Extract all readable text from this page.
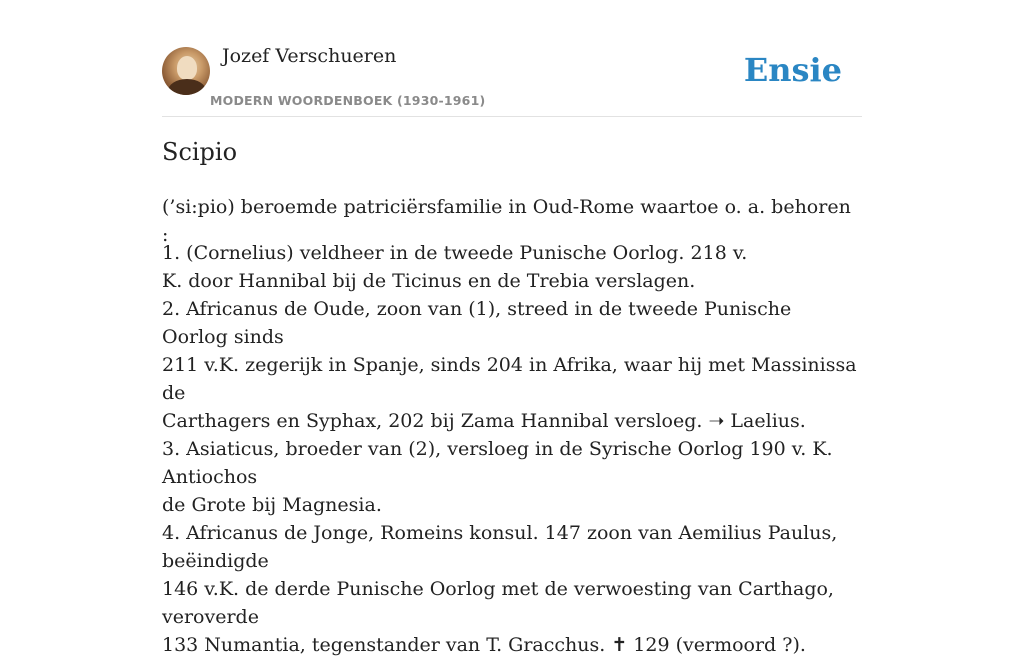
Jozef Verschueren
MODERN WOORDENBOEK (1930-1961)
Ensie
Scipio

(’si:pio) beroemde patriciërsfamilie in Oud-Rome waartoe o. a. behoren :

1. (Cornelius) veldheer in de tweede Punische Oorlog. 218 v.
K. door Hannibal bij de Ticinus en de Trebia verslagen.
2. Africanus de Oude, zoon van (1), streed in de tweede Punische Oorlog sinds
211 v.K. zegerijk in Spanje, sinds 204 in Afrika, waar hij met Massinissa de
Carthagers en Syphax, 202 bij Zama Hannibal versloeg. ➝ Laelius.
3. Asiaticus, broeder van (2), versloeg in de Syrische Oorlog 190 v. K. Antiochos
de Grote bij Magnesia.
4. Africanus de Jonge, Romeins konsul. 147 zoon van Aemilius Paulus, beëindigde
146 v.K. de derde Punische Oorlog met de verwoesting van Carthago, veroverde
133 Numantia, tegenstander van T. Gracchus. ✝ 129 (vermoord ?).
